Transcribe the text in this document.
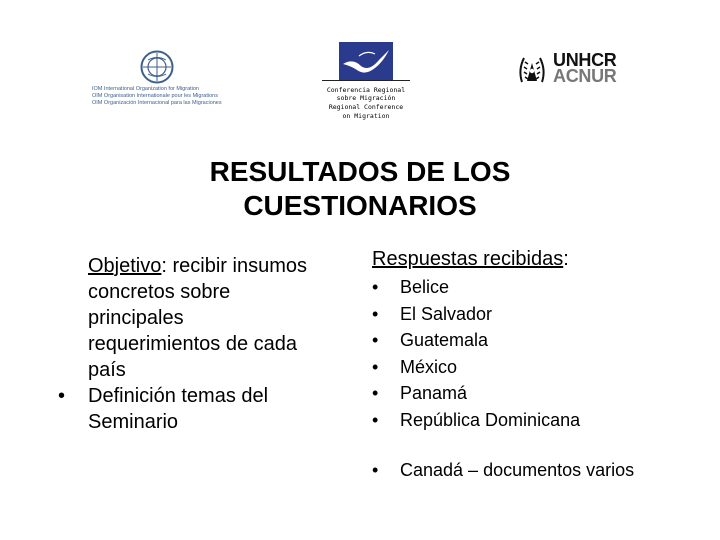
IOM International Organization for Migration
OIM Organisation Internationale pour les Migrations
OIM Organización Internacional para las Migraciones
Conferencia Regional
sobre Migración
Regional Conference
on Migration
UNHCR
ACNUR
RESULTADOS DE LOS
CUESTIONARIOS
Objetivo: recibir insumos concretos sobre principales requerimientos de cada país
• Definición temas del Seminario
Respuestas recibidas:
• Belice
• El Salvador
• Guatemala
• México
• Panamá
• República Dominicana
• Canadá – documentos varios
